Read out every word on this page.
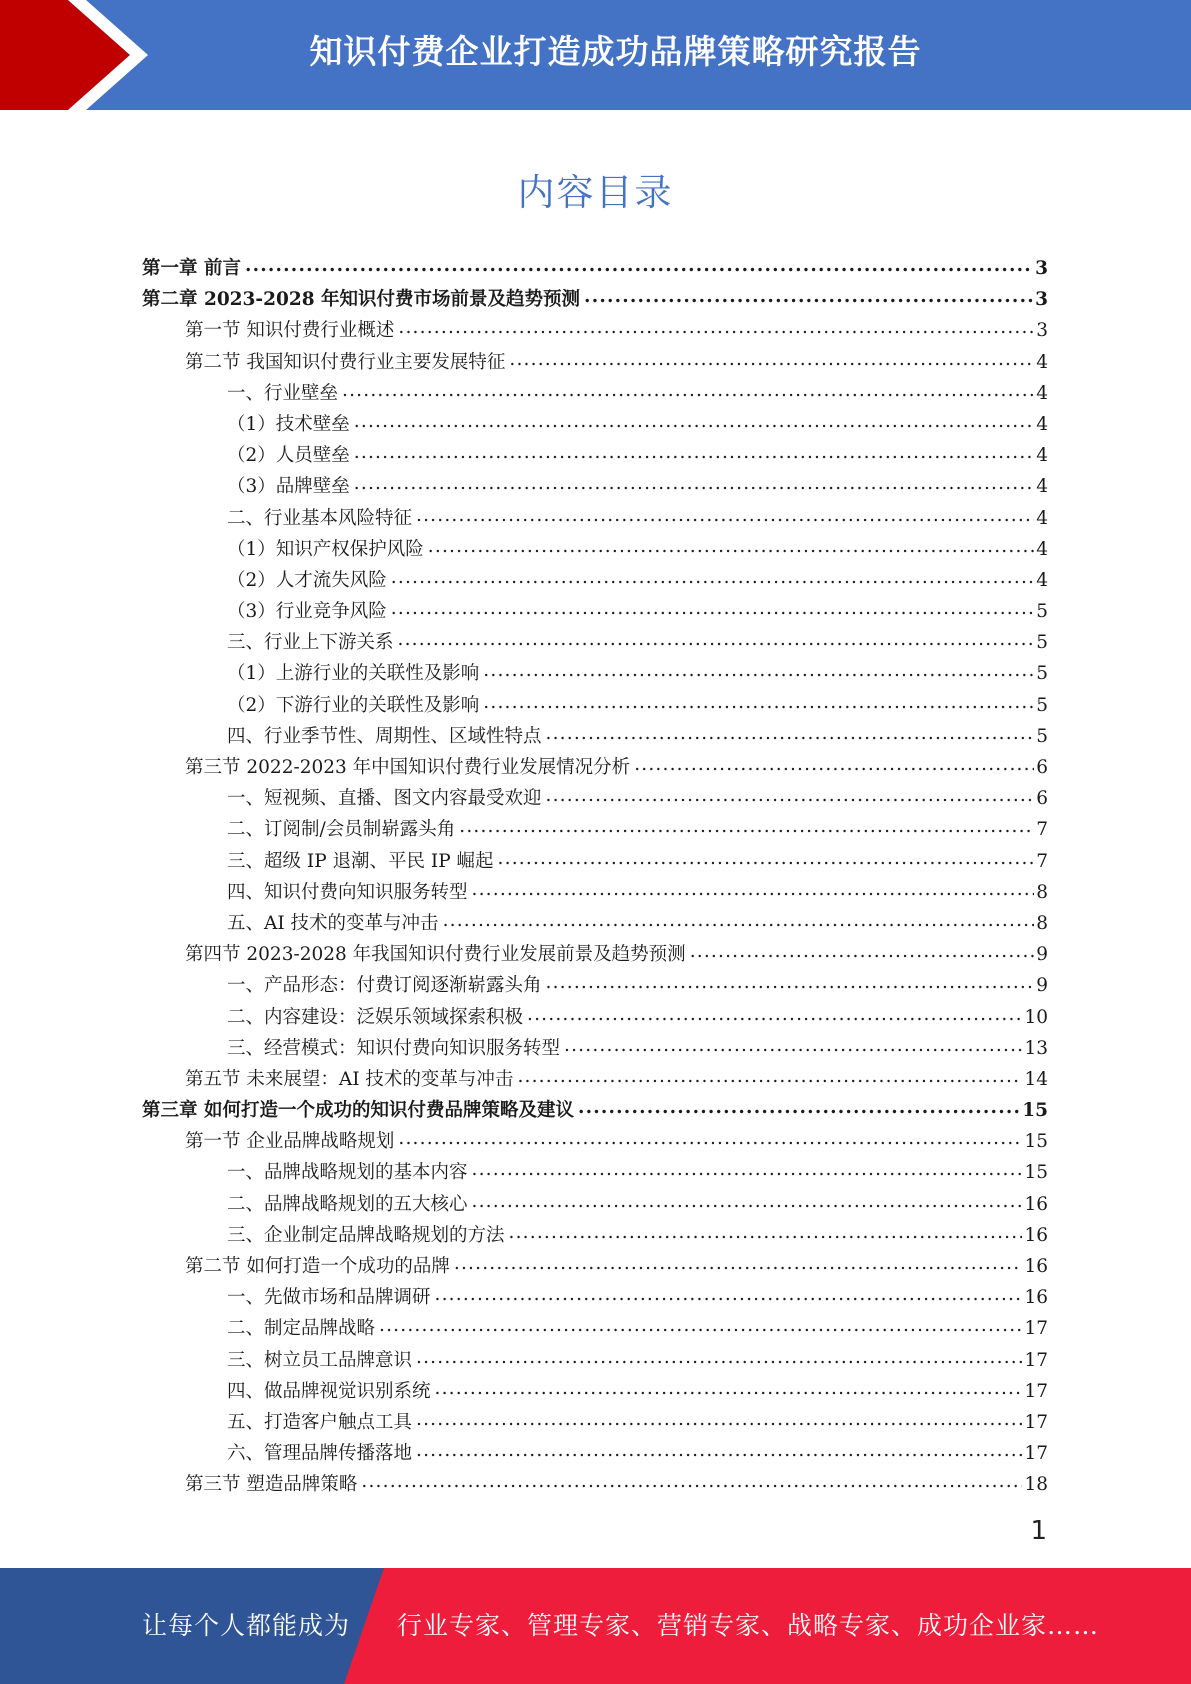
知识付费企业打造成功品牌策略研究报告
内容目录
第一章 前言 .....	3
第二章 2023-2028 年知识付费市场前景及趋势预测 .....	3
第一节 知识付费行业概述 .....	3
第二节 我国知识付费行业主要发展特征 .....	4
一、行业壁垒 .....	4
（1）技术壁垒 .....	4
（2）人员壁垒 .....	4
（3）品牌壁垒 .....	4
二、行业基本风险特征 .....	4
（1）知识产权保护风险 .....	4
（2）人才流失风险 .....	4
（3）行业竞争风险 .....	5
三、行业上下游关系 .....	5
（1）上游行业的关联性及影响 .....	5
（2）下游行业的关联性及影响 .....	5
四、行业季节性、周期性、区域性特点 .....	5
第三节 2022-2023 年中国知识付费行业发展情况分析 .....	6
一、短视频、直播、图文内容最受欢迎 .....	6
二、订阅制/会员制崭露头角 .....	7
三、超级 IP 退潮、平民 IP 崛起 .....	7
四、知识付费向知识服务转型 .....	8
五、AI 技术的变革与冲击 .....	8
第四节 2023-2028 年我国知识付费行业发展前景及趋势预测 .....	9
一、产品形态：付费订阅逐渐崭露头角 .....	9
二、内容建设：泛娱乐领域探索积极 .....	10
三、经营模式：知识付费向知识服务转型 .....	13
第五节 未来展望：AI 技术的变革与冲击 .....	14
第三章 如何打造一个成功的知识付费品牌策略及建议 .....	15
第一节 企业品牌战略规划 .....	15
一、品牌战略规划的基本内容 .....	15
二、品牌战略规划的五大核心 .....	16
三、企业制定品牌战略规划的方法 .....	16
第二节 如何打造一个成功的品牌 .....	16
一、先做市场和品牌调研 .....	16
二、制定品牌战略 .....	17
三、树立员工品牌意识 .....	17
四、做品牌视觉识别系统 .....	17
五、打造客户触点工具 .....	17
六、管理品牌传播落地 .....	17
第三节 塑造品牌策略 .....	18
1
让每个人都能成为 行业专家、管理专家、营销专家、战略专家、成功企业家……
